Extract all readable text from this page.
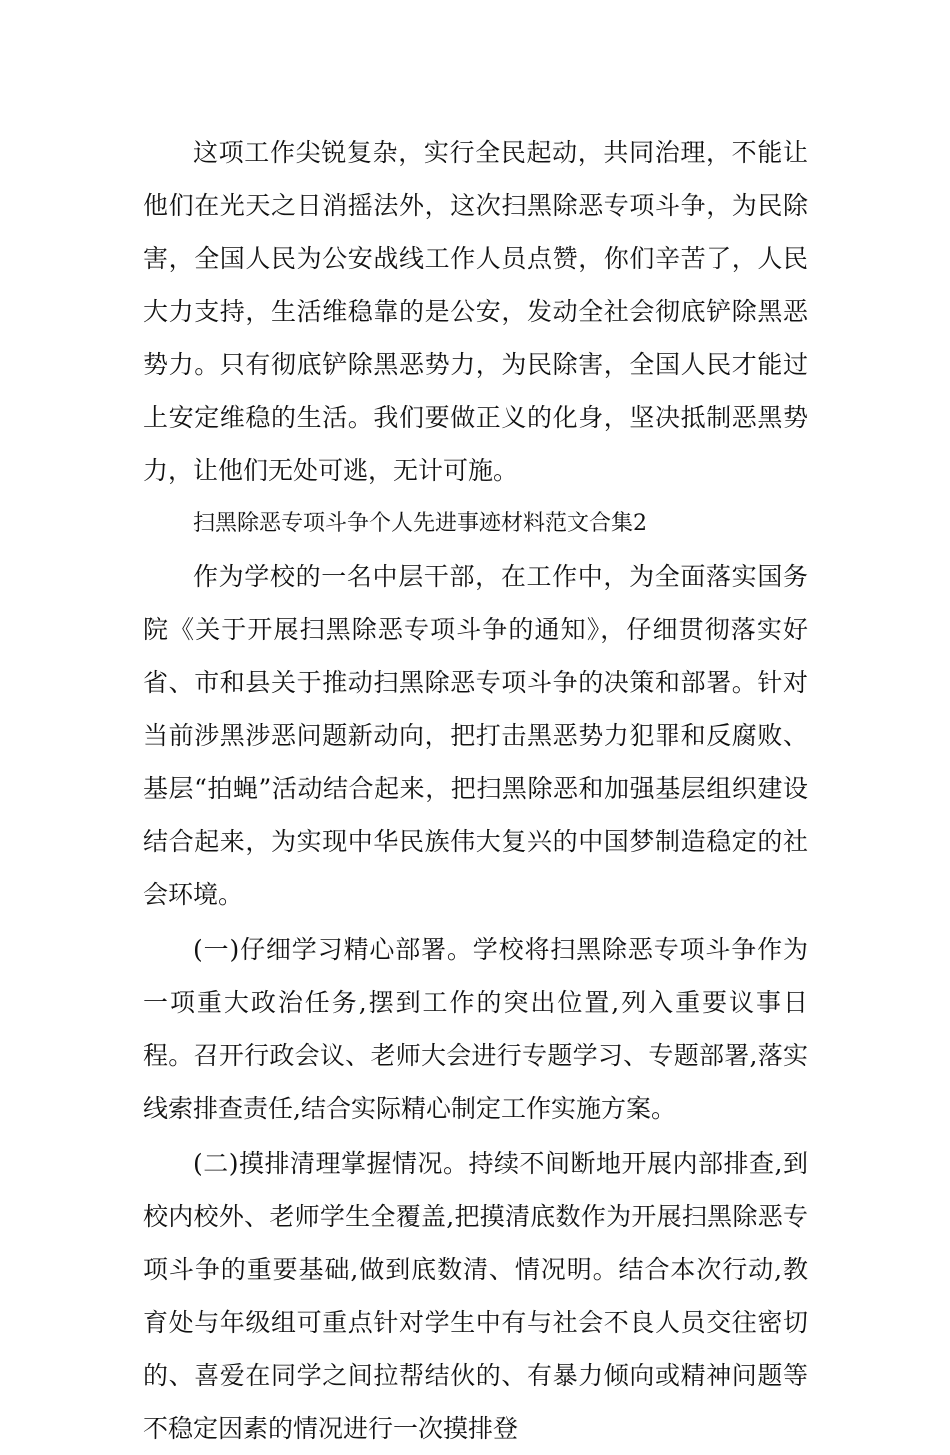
这项工作尖锐复杂，实行全民起动，共同治理，不能让他们在光天之日消摇法外，这次扫黑除恶专项斗争，为民除害，全国人民为公安战线工作人员点赞，你们辛苦了，人民大力支持，生活维稳靠的是公安，发动全社会彻底铲除黑恶势力。只有彻底铲除黑恶势力，为民除害，全国人民才能过上安定维稳的生活。我们要做正义的化身，坚决抵制恶黑势力，让他们无处可逃，无计可施。

扫黑除恶专项斗争个人先进事迹材料范文合集2

作为学校的一名中层干部，在工作中，为全面落实国务院《关于开展扫黑除恶专项斗争的通知》，仔细贯彻落实好省、市和县关于推动扫黑除恶专项斗争的决策和部署。针对当前涉黑涉恶问题新动向，把打击黑恶势力犯罪和反腐败、基层“拍蝇”活动结合起来，把扫黑除恶和加强基层组织建设结合起来，为实现中华民族伟大复兴的中国梦制造稳定的社会环境。

(一)仔细学习精心部署。学校将扫黑除恶专项斗争作为一项重大政治任务,摆到工作的突出位置,列入重要议事日程。召开行政会议、老师大会进行专题学习、专题部署,落实线索排查责任,结合实际精心制定工作实施方案。

(二)摸排清理掌握情况。持续不间断地开展内部排查,到校内校外、老师学生全覆盖,把摸清底数作为开展扫黑除恶专项斗争的重要基础,做到底数清、情况明。结合本次行动,教育处与年级组可重点针对学生中有与社会不良人员交往密切的、喜爱在同学之间拉帮结伙的、有暴力倾向或精神问题等不稳定因素的情况进行一次摸排登
